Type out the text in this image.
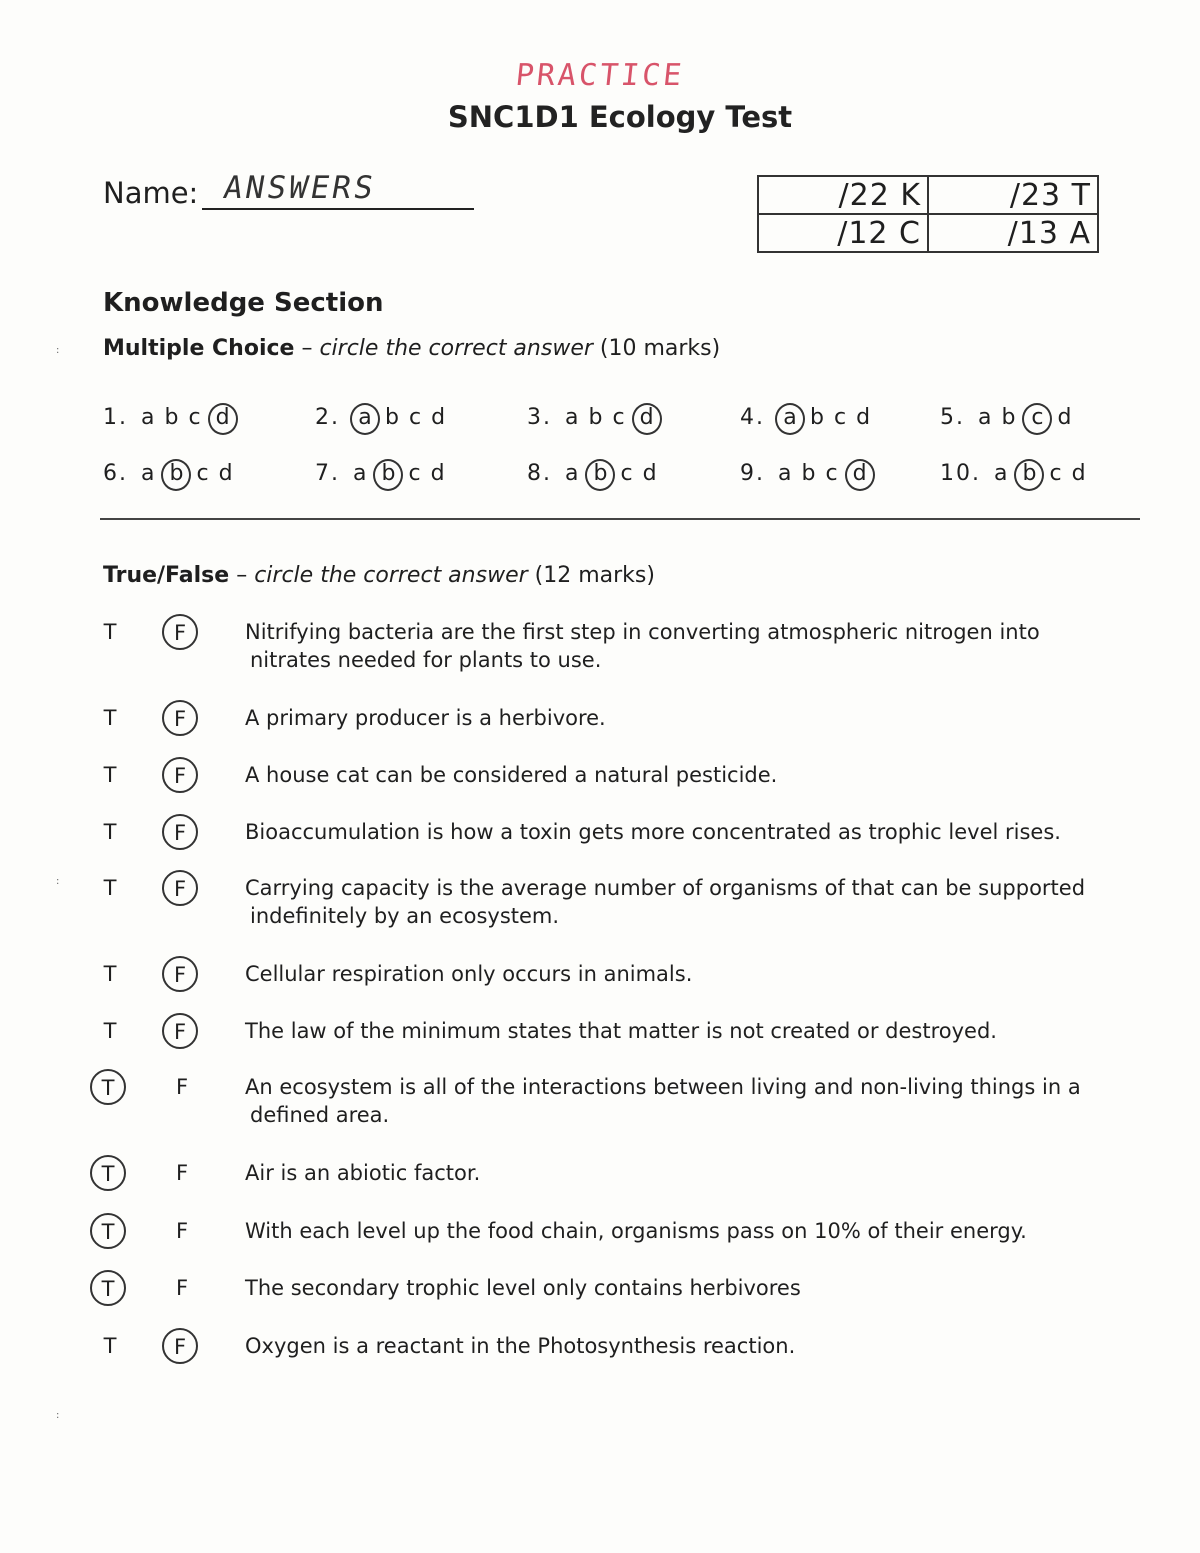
PRACTICE
SNC1D1 Ecology Test
Name: ANSWERS	/22 K	/23 T
/12 C	/13 A
Knowledge Section
Multiple Choice – circle the correct answer (10 marks)
1. a b c d	2. a b c d	3. a b c d	4. a b c d	5. a b c d
6. a b c d	7. a b c d	8. a b c d	9. a b c d	10. a b c d
True/False – circle the correct answer (12 marks)
T	F	Nitrifying bacteria are the first step in converting atmospheric nitrogen into
nitrates needed for plants to use.
T	F	A primary producer is a herbivore.
T	F	A house cat can be considered a natural pesticide.
T	F	Bioaccumulation is how a toxin gets more concentrated as trophic level rises.
T	F	Carrying capacity is the average number of organisms of that can be supported
indefinitely by an ecosystem.
T	F	Cellular respiration only occurs in animals.
T	F	The law of the minimum states that matter is not created or destroyed.
T	F	An ecosystem is all of the interactions between living and non-living things in a
defined area.
T	F	Air is an abiotic factor.
T	F	With each level up the food chain, organisms pass on 10% of their energy.
T	F	The secondary trophic level only contains herbivores
T	F	Oxygen is a reactant in the Photosynthesis reaction.
:
:
:
